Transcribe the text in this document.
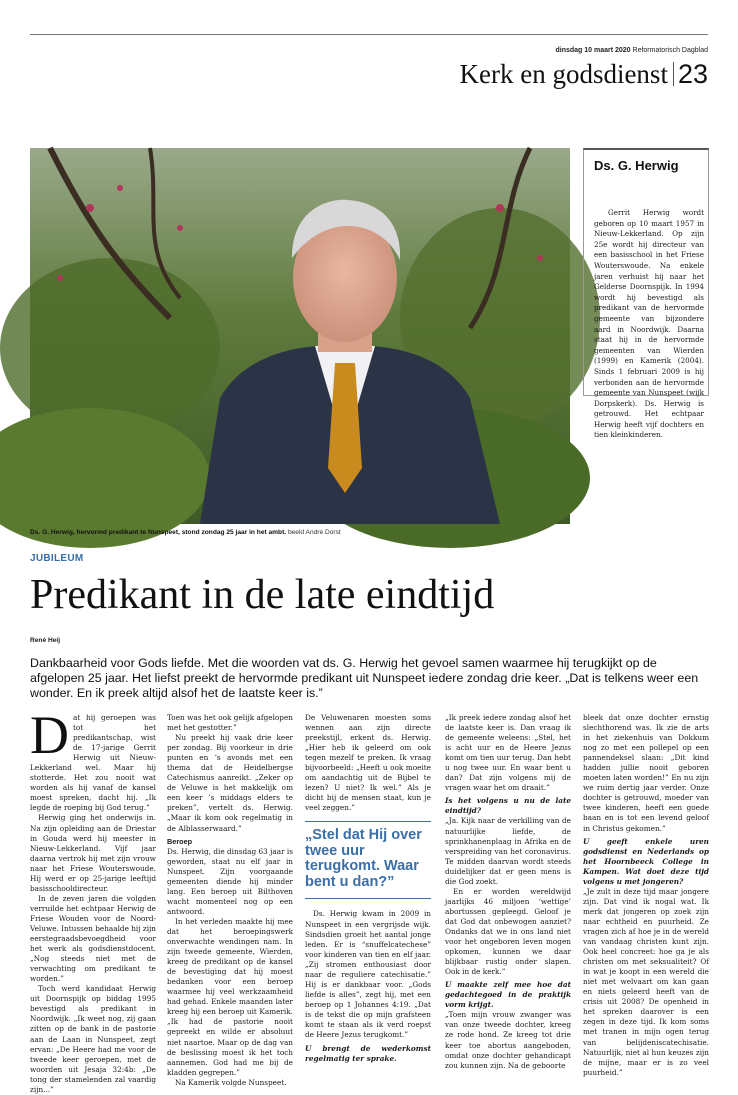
dinsdag 10 maart 2020 Reformatorisch Dagblad
Kerk en godsdienst 23
Ds. G. Herwig, hervormd predikant te Nunspeet, stond zondag 25 jaar in het ambt. beeld André Dorst
Ds. G. Herwig
Gerrit Herwig wordt geboren op 10 maart 1957 in Nieuw-Lekkerland. Op zijn 25e wordt hij directeur van een basisschool in het Friese Wouterswoude. Na enkele jaren verhuist hij naar het Gelderse Doornspijk. In 1994 wordt hij bevestigd als predikant van de hervormde gemeente van bijzondere aard in Noordwijk. Daarna staat hij in de hervormde gemeenten van Wierden (1999) en Kamerik (2004). Sinds 1 februari 2009 is hij verbonden aan de hervormde gemeente van Nunspeet (wijk Dorpskerk). Ds. Herwig is getrouwd. Het echtpaar Herwig heeft vijf dochters en tien kleinkinderen.
JUBILEUM
Predikant in de late eindtijd
René Heij
Dankbaarheid voor Gods liefde. Met die woorden vat ds. G. Herwig het gevoel samen waarmee hij terugkijkt op de afgelopen 25 jaar. Het liefst preekt de hervormde predikant uit Nunspeet iedere zondag drie keer. „Dat is telkens weer een wonder. En ik preek altijd alsof het de laatste keer is.”
D at hij geroepen was tot het predikantschap, wist de 17-jarige Gerrit Herwig uit Nieuw-Lekkerland wel. Maar hij stotterde. Het zou nooit wat worden als hij vanaf de kansel moest spreken, dacht hij. „Ik legde de roeping bij God terug.”

Herwig ging het onderwijs in. Na zijn opleiding aan de Driestar in Gouda werd hij meester in Nieuw-Lekkerland. Vijf jaar daarna vertrok hij met zijn vrouw naar het Friese Wouterswoude. Hij werd er op 25-jarige leeftijd basisschooldirecteur.

In de zeven jaren die volgden verruilde het echtpaar Herwig de Friese Wouden voor de Noord-Veluwe. Intussen behaalde hij zijn eerstegraadsbevoegdheid voor het werk als godsdienstdocent. „Nog steeds niet met de verwachting om predikant te worden.”

Toch werd kandidaat Herwig uit Doornspijk op biddag 1995 bevestigd als predikant in Noordwijk. „Ik weet nog, zij gaan zitten op de bank in de pastorie aan de Laan in Nunspeet, zegt ervan: „De Heere had me voor de tweede keer geroepen, met de woorden uit Jesaja 32:4b: „De tong der stamelenden zal vaardig zijn...”

Toen was het ook gelijk afgelopen met het gestotter.”

Nu preekt hij vaak drie keer per zondag. Bij voorkeur in drie punten en ’s avonds met een thema dat de Heidelbergse Catechismus aanreikt. „Zeker op de Veluwe is het makkelijk om een keer ’s middags elders te preken”, vertelt ds. Herwig. „Maar ik kom ook regelmatig in de Alblasserwaard.”

Beroep

Ds. Herwig, die dinsdag 63 jaar is geworden, staat nu elf jaar in Nunspeet. Zijn voorgaande gemeenten diende hij minder lang. Een beroep uit Bilthoven wacht momenteel nog op een antwoord.

In het verleden maakte hij mee dat het beroepingswerk onverwachte wendingen nam. In zijn tweede gemeente, Wierden, kreeg de predikant op de kansel de bevestiging dat hij moest bedanken voor een beroep waarmee hij veel werkzaamheid had gehad. Enkele maanden later kreeg hij een beroep uit Kamerik. „Ik had de pastorie nooit gepreekt en wilde er absoluut niet naartoe. Maar op de dag van de beslissing moest ik het toch aannemen. God had me bij de kladden gegrepen.”

Na Kamerik volgde Nunspeet.

De Veluwenaren moesten soms wennen aan zijn directe preekstijl, erkent ds. Herwig. „Hier heb ik geleerd om ook tegen mezelf te preken. Ik vraag bijvoorbeeld: „Heeft u ook moeite om aandachtig uit de Bijbel te lezen? U niet? Ik wel.” Als je dicht bij de mensen staat, kun je veel zeggen.”

„Stel dat Hij over twee uur terugkomt. Waar bent u dan?”

Ds. Herwig kwam in 2009 in Nunspeet in een vergrijsde wijk. Sindsdien groeit het aantal jonge leden. Er is “snuffelcatechese” voor kinderen van tien en elf jaar. „Zij stromen enthousiast door naar de reguliere catechisatie.” Hij is er dankbaar voor. „Gods liefde is alles”, zegt hij, met een beroep op 1 Johannes 4:19. „Dat is de tekst die op mijn grafsteen komt te staan als ik verd roepst de Heere Jezus terugkomt.”

U brengt de wederkomst regelmatig ter sprake.

„Ik preek iedere zondag alsof het de laatste keer is. Dan vraag ik de gemeente weleens: „Stel, het is acht uur en de Heere Jezus komt om tien uur terug. Dan hebt u nog twee uur. En waar bent u dan? Dat zijn volgens mij de vragen waar het om draait.”

Is het volgens u nu de late eindtijd?

„Ja. Kijk naar de verkilling van de natuurlijke liefde, de sprinkhanenplaag in Afrika en de verspreiding van het coronavirus. Te midden daarvan wordt steeds duidelijker dat er geen mens is die God zoekt.

En er worden wereldwijd jaarlijks 46 miljoen ‘wettige’ abortussen gepleegd. Geloof je dat God dat onbewogen aanziet? Ondanks dat we in ons land niet voor het ongeboren leven mogen opkomen, kunnen we daar blijkbaar rustig onder slapen. Ook in de kerk.”

U maakte zelf mee hoe dat gedachtegoed in de praktijk vorm krijgt.

„Toen mijn vrouw zwanger was van onze tweede dochter, kreeg ze rode hond. Ze kreeg tot drie keer toe abortus aangeboden, omdat onze dochter gehandicapt zou kunnen zijn. Na de geboorte

bleek dat onze dochter ernstig slechthorend was. Ik zie de arts in het ziekenhuis van Dokkum nog zo met een pollepel op een pannendeksel slaan: „Dit kind hadden jullie nooit geboren moeten laten worden!” En nu zijn we ruim dertig jaar verder. Onze dochter is getrouwd, moeder van twee kinderen, heeft een goede baan en is tot een levend geloof in Christus gekomen.”

U geeft enkele uren godsdienst en Nederlands op het Hoornbeeck College in Kampen. Wat doet deze tijd volgens u met jongeren?

„Je zult in deze tijd maar jongere zijn. Dat vind ik nogal wat. Ik merk dat jongeren op zoek zijn naar echtheid en puurheid. Ze vragen zich af hoe je in de wereld van vandaag christen kunt zijn. Ook heel concreet: hoe ga je als christen om met seksualiteit? Of in wat je koopt in een wereld die niet met welvaart om kan gaan en niets geleerd heeft van de crisis uit 2008? De openheid in het spreken daarover is een zegen in deze tijd. Ik kom soms met tranen in mijn ogen terug van belijdeniscatechisatie. Natuurlijk, niet al hun keuzes zijn de mijne, maar er is zo veel puurheid.”
